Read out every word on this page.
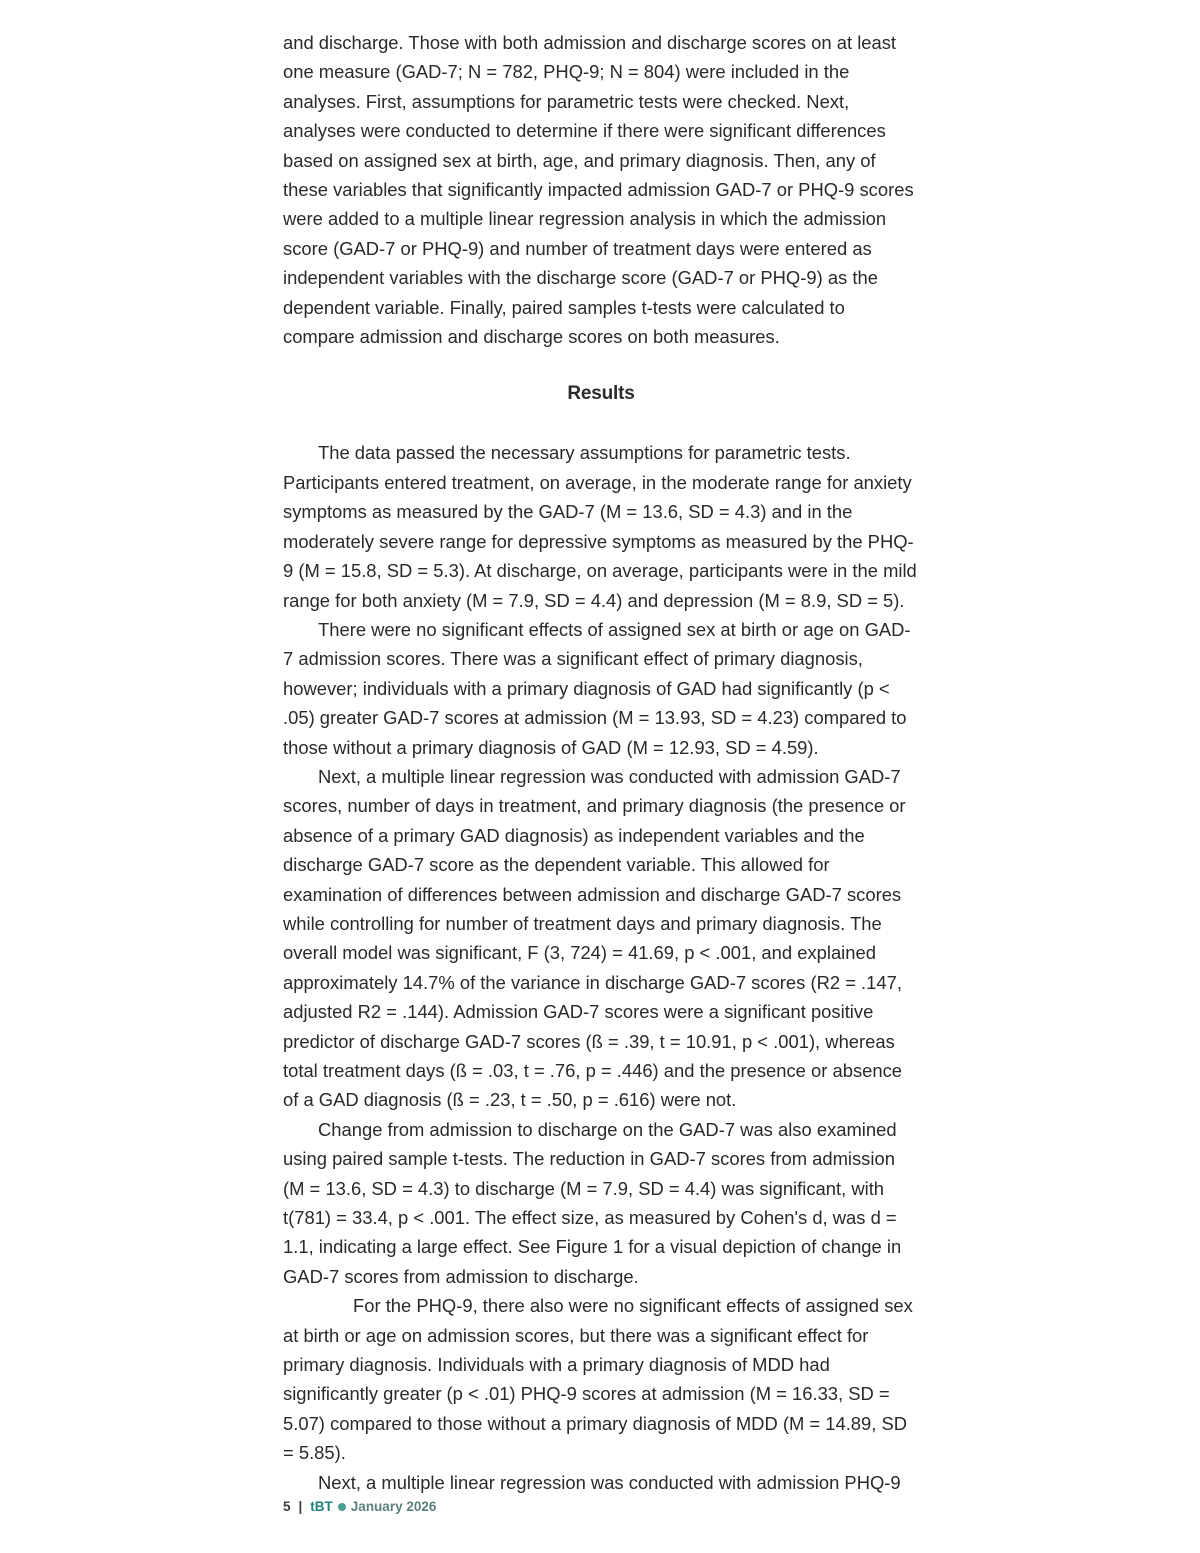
and discharge. Those with both admission and discharge scores on at least one measure (GAD-7; N = 782, PHQ-9; N = 804) were included in the analyses. First, assumptions for parametric tests were checked. Next, analyses were conducted to determine if there were significant differences based on assigned sex at birth, age, and primary diagnosis. Then, any of these variables that significantly impacted admission GAD-7 or PHQ-9 scores were added to a multiple linear regression analysis in which the admission score (GAD-7 or PHQ-9) and number of treatment days were entered as independent variables with the discharge score (GAD-7 or PHQ-9) as the dependent variable. Finally, paired samples t-tests were calculated to compare admission and discharge scores on both measures.

Results

The data passed the necessary assumptions for parametric tests. Participants entered treatment, on average, in the moderate range for anxiety symptoms as measured by the GAD-7 (M = 13.6, SD = 4.3) and in the moderately severe range for depressive symptoms as measured by the PHQ-9 (M = 15.8, SD = 5.3). At discharge, on average, participants were in the mild range for both anxiety (M = 7.9, SD = 4.4) and depression (M = 8.9, SD = 5).

There were no significant effects of assigned sex at birth or age on GAD-7 admission scores. There was a significant effect of primary diagnosis, however; individuals with a primary diagnosis of GAD had significantly (p < .05) greater GAD-7 scores at admission (M = 13.93, SD = 4.23) compared to those without a primary diagnosis of GAD (M = 12.93, SD = 4.59).

Next, a multiple linear regression was conducted with admission GAD-7 scores, number of days in treatment, and primary diagnosis (the presence or absence of a primary GAD diagnosis) as independent variables and the discharge GAD-7 score as the dependent variable. This allowed for examination of differences between admission and discharge GAD-7 scores while controlling for number of treatment days and primary diagnosis. The overall model was significant, F (3, 724) = 41.69, p < .001, and explained approximately 14.7% of the variance in discharge GAD-7 scores (R2 = .147, adjusted R2 = .144). Admission GAD-7 scores were a significant positive predictor of discharge GAD-7 scores (ß = .39, t = 10.91, p < .001), whereas total treatment days (ß = .03, t = .76, p = .446) and the presence or absence of a GAD diagnosis (ß = .23, t = .50, p = .616) were not.

Change from admission to discharge on the GAD-7 was also examined using paired sample t-tests. The reduction in GAD-7 scores from admission (M = 13.6, SD = 4.3) to discharge (M = 7.9, SD = 4.4) was significant, with t(781) = 33.4, p < .001. The effect size, as measured by Cohen's d, was d = 1.1, indicating a large effect. See Figure 1 for a visual depiction of change in GAD-7 scores from admission to discharge.

For the PHQ-9, there also were no significant effects of assigned sex at birth or age on admission scores, but there was a significant effect for primary diagnosis. Individuals with a primary diagnosis of MDD had significantly greater (p < .01) PHQ-9 scores at admission (M = 16.33, SD = 5.07) compared to those without a primary diagnosis of MDD (M = 14.89, SD = 5.85).

Next, a multiple linear regression was conducted with admission PHQ-9

5 | tBT January 2026
